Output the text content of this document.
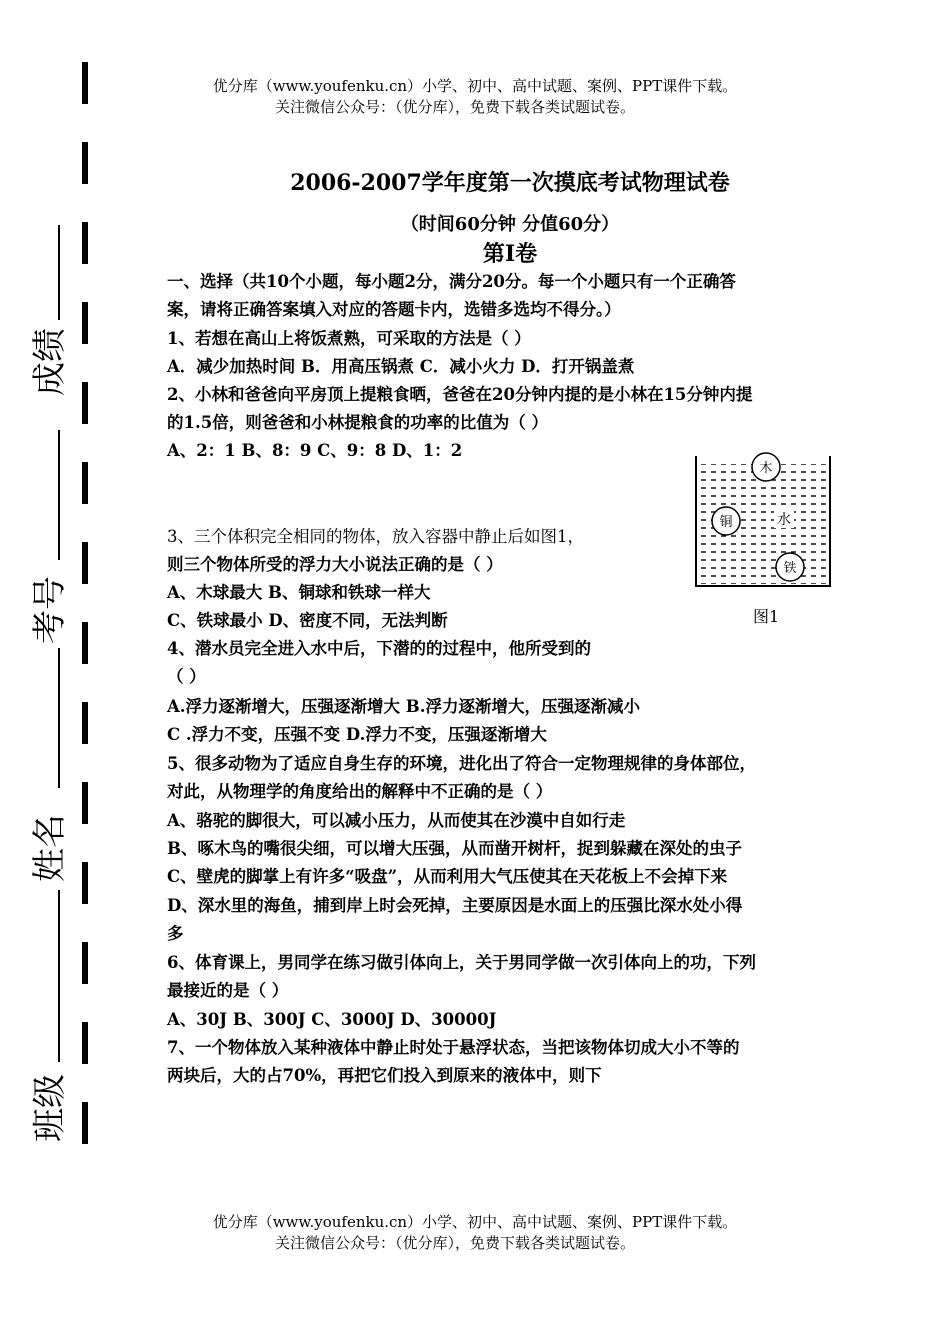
优分库（www.youfenku.cn）小学、初中、高中试题、案例、PPT课件下载。
关注微信公众号：（优分库），免费下载各类试题试卷。
成绩
考号
姓名
班级
2006-2007学年度第一次摸底考试物理试卷
（时间60分钟 分值60分）
第Ⅰ卷
一、选择（共10个小题，每小题2分，满分20分。每一个小题只有一个正确答
案，请将正确答案填入对应的答题卡内，选错多选均不得分。）
1、若想在高山上将饭煮熟，可采取的方法是（ ）
A．减少加热时间 B．用高压锅煮 C．减小火力 D．打开锅盖煮
2、小林和爸爸向平房顶上提粮食晒，爸爸在20分钟内提的是小林在15分钟内提
的1.5倍，则爸爸和小林提粮食的功率的比值为（ ）
A、2：1 B、8：9 C、9：8 D、1：2
木
铜	水
铁
图1
3、三个体积完全相同的物体，放入容器中静止后如图1，
则三个物体所受的浮力大小说法正确的是（ ）
A、木球最大 B、铜球和铁球一样大
C、铁球最小 D、密度不同，无法判断
4、潜水员完全进入水中后，下潜的的过程中，他所受到的
（ ）
A.浮力逐渐增大，压强逐渐增大 B.浮力逐渐增大，压强逐渐减小
C .浮力不变，压强不变 D.浮力不变，压强逐渐增大
5、很多动物为了适应自身生存的环境，进化出了符合一定物理规律的身体部位，
对此，从物理学的角度给出的解释中不正确的是（ ）
A、骆驼的脚很大，可以减小压力，从而使其在沙漠中自如行走
B、啄木鸟的嘴很尖细，可以增大压强，从而凿开树杆，捉到躲藏在深处的虫子
C、壁虎的脚掌上有许多“吸盘”，从而利用大气压使其在天花板上不会掉下来
D、深水里的海鱼，捕到岸上时会死掉，主要原因是水面上的压强比深水处小得
多
6、体育课上，男同学在练习做引体向上，关于男同学做一次引体向上的功，下列
最接近的是（ ）
A、30J B、300J C、3000J D、30000J
7、一个物体放入某种液体中静止时处于悬浮状态，当把该物体切成大小不等的
两块后，大的占70%，再把它们投入到原来的液体中，则下
优分库（www.youfenku.cn）小学、初中、高中试题、案例、PPT课件下载。
关注微信公众号：（优分库），免费下载各类试题试卷。
